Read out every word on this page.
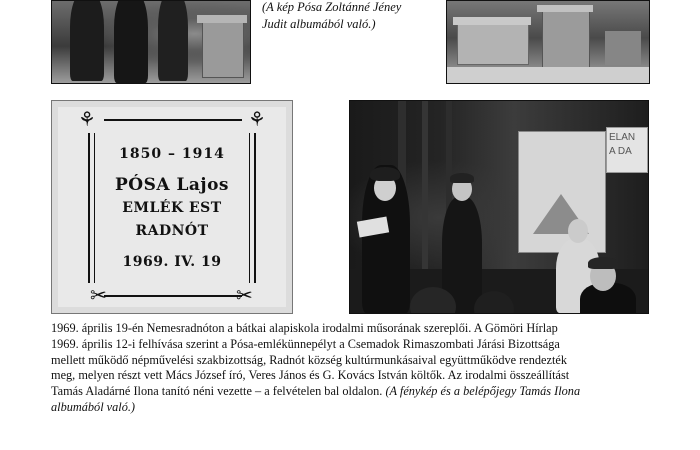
(A kép Pósa Zoltánné Jéney
Judit albumából való.)
⚘	⚘
✂	✂
1850 – 1914
PÓSA Lajos
EMLÉK EST
RADNÓT
1969. IV. 19
ELAN
A DA
1969. április 19-én Nemesradnóton a bátkai alapiskola irodalmi műsorának szereplői. A Gömöri Hírlap
1969. április 12-i felhívása szerint a Pósa-emlékünnepélyt a Csemadok Rimaszombati Járási Bizottsága
mellett működő népművelési szakbizottság, Radnót község kultúrmunkásaival együttműködve rendezték
meg, melyen részt vett Mács József író, Veres János és G. Kovács István költők. Az irodalmi összeállítást
Tamás Aladárné Ilona tanító néni vezette – a felvételen bal oldalon. (A fénykép és a belépőjegy Tamás Ilona
albumából való.)
